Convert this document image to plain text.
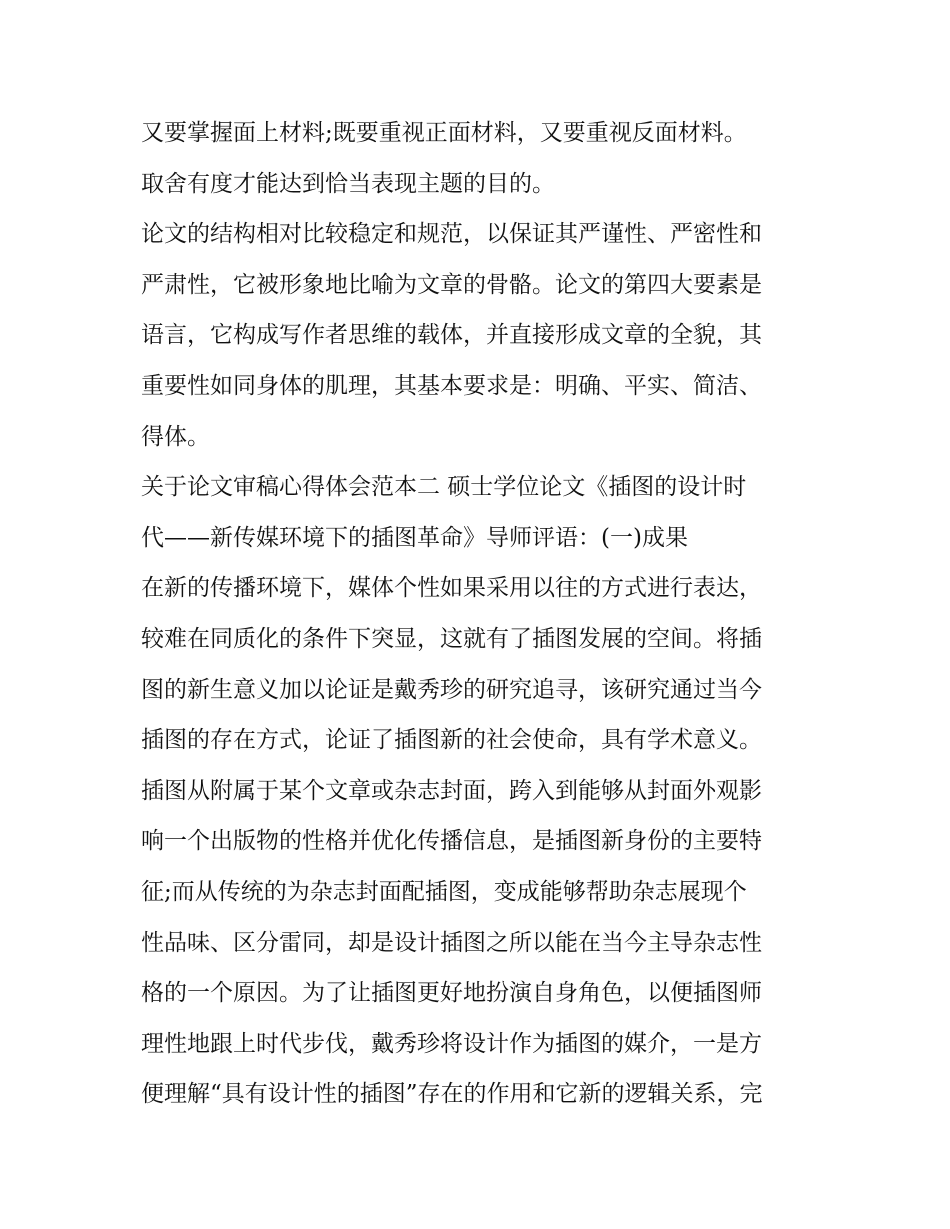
又要掌握面上材料;既要重视正面材料，又要重视反面材料。
取舍有度才能达到恰当表现主题的目的。
论文的结构相对比较稳定和规范，以保证其严谨性、严密性和
严肃性，它被形象地比喻为文章的骨骼。论文的第四大要素是
语言，它构成写作者思维的载体，并直接形成文章的全貌，其
重要性如同身体的肌理，其基本要求是：明确、平实、简洁、
得体。
关于论文审稿心得体会范本二 硕士学位论文《插图的设计时
代——新传媒环境下的插图革命》导师评语：(一)成果
在新的传播环境下，媒体个性如果采用以往的方式进行表达，
较难在同质化的条件下突显，这就有了插图发展的空间。将插
图的新生意义加以论证是戴秀珍的研究追寻，该研究通过当今
插图的存在方式，论证了插图新的社会使命，具有学术意义。
插图从附属于某个文章或杂志封面，跨入到能够从封面外观影
响一个出版物的性格并优化传播信息，是插图新身份的主要特
征;而从传统的为杂志封面配插图，变成能够帮助杂志展现个
性品味、区分雷同，却是设计插图之所以能在当今主导杂志性
格的一个原因。为了让插图更好地扮演自身角色，以便插图师
理性地跟上时代步伐，戴秀珍将设计作为插图的媒介，一是方
便理解“具有设计性的插图”存在的作用和它新的逻辑关系，完
